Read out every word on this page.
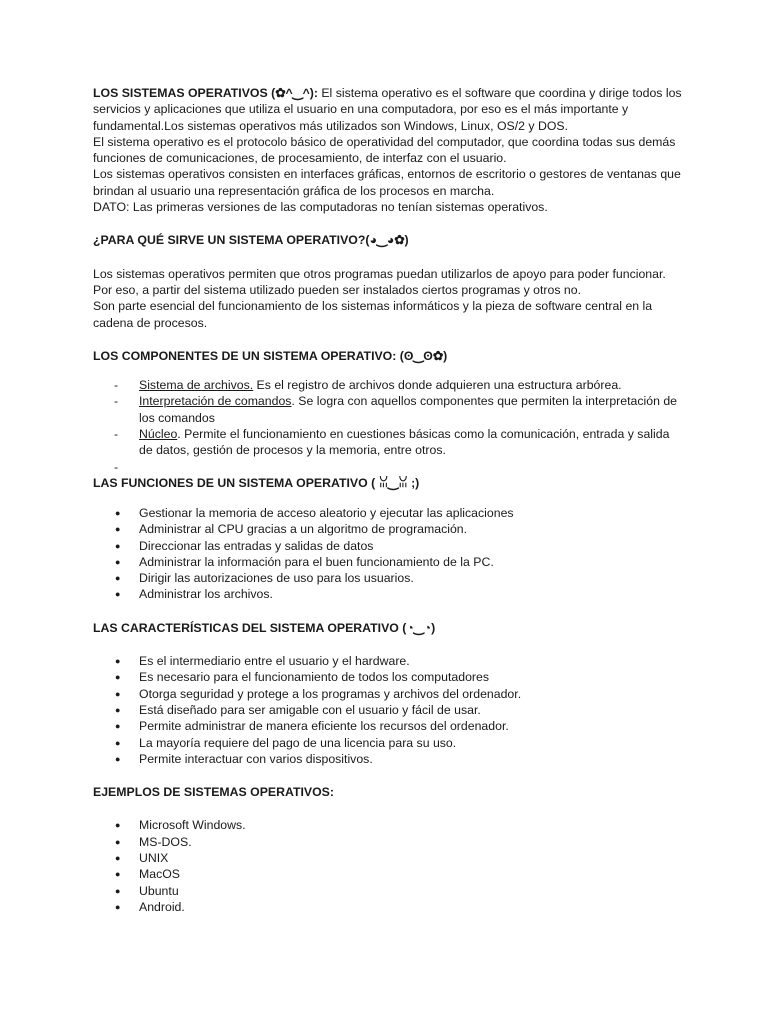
LOS SISTEMAS OPERATIVOS (✿^‿^): El sistema operativo es el software que coordina y dirige todos los servicios y aplicaciones que utiliza el usuario en una computadora, por eso es el más importante y fundamental.Los sistemas operativos más utilizados son Windows, Linux, OS/2 y DOS.

El sistema operativo es el protocolo básico de operatividad del computador, que coordina todas sus demás funciones de comunicaciones, de procesamiento, de interfaz con el usuario.

Los sistemas operativos consisten en interfaces gráficas, entornos de escritorio o gestores de ventanas que brindan al usuario una representación gráfica de los procesos en marcha.

DATO: Las primeras versiones de las computadoras no tenían sistemas operativos.

¿PARA QUÉ SIRVE UN SISTEMA OPERATIVO?(◕‿◕✿)

Los sistemas operativos permiten que otros programas puedan utilizarlos de apoyo para poder funcionar.

Por eso, a partir del sistema utilizado pueden ser instalados ciertos programas y otros no.

Son parte esencial del funcionamiento de los sistemas informáticos y la pieza de software central en la cadena de procesos.

LOS COMPONENTES DE UN SISTEMA OPERATIVO: (ʘ‿ʘ✿)

- Sistema de archivos. Es el registro de archivos donde adquieren una estructura arbórea.
- Interpretación de comandos. Se logra con aquellos componentes que permiten la interpretación de los comandos
- Núcleo. Permite el funcionamiento en cuestiones básicas como la comunicación, entrada y salida de datos, gestión de procesos y la memoria, entre otros.
-

LAS FUNCIONES DE UN SISTEMA OPERATIVO ( ꈍ‿ꈍ ;)

● Gestionar la memoria de acceso aleatorio y ejecutar las aplicaciones
● Administrar al CPU gracias a un algoritmo de programación.
● Direccionar las entradas y salidas de datos
● Administrar la información para el buen funcionamiento de la PC.
● Dirigir las autorizaciones de uso para los usuarios.
● Administrar los archivos.

LAS CARACTERÍSTICAS DEL SISTEMA OPERATIVO (◔‿◔)

● Es el intermediario entre el usuario y el hardware.
● Es necesario para el funcionamiento de todos los computadores
● Otorga seguridad y protege a los programas y archivos del ordenador.
● Está diseñado para ser amigable con el usuario y fácil de usar.
● Permite administrar de manera eficiente los recursos del ordenador.
● La mayoría requiere del pago de una licencia para su uso.
● Permite interactuar con varios dispositivos.

EJEMPLOS DE SISTEMAS OPERATIVOS:

● Microsoft Windows.
● MS-DOS.
● UNIX
● MacOS
● Ubuntu
● Android.
